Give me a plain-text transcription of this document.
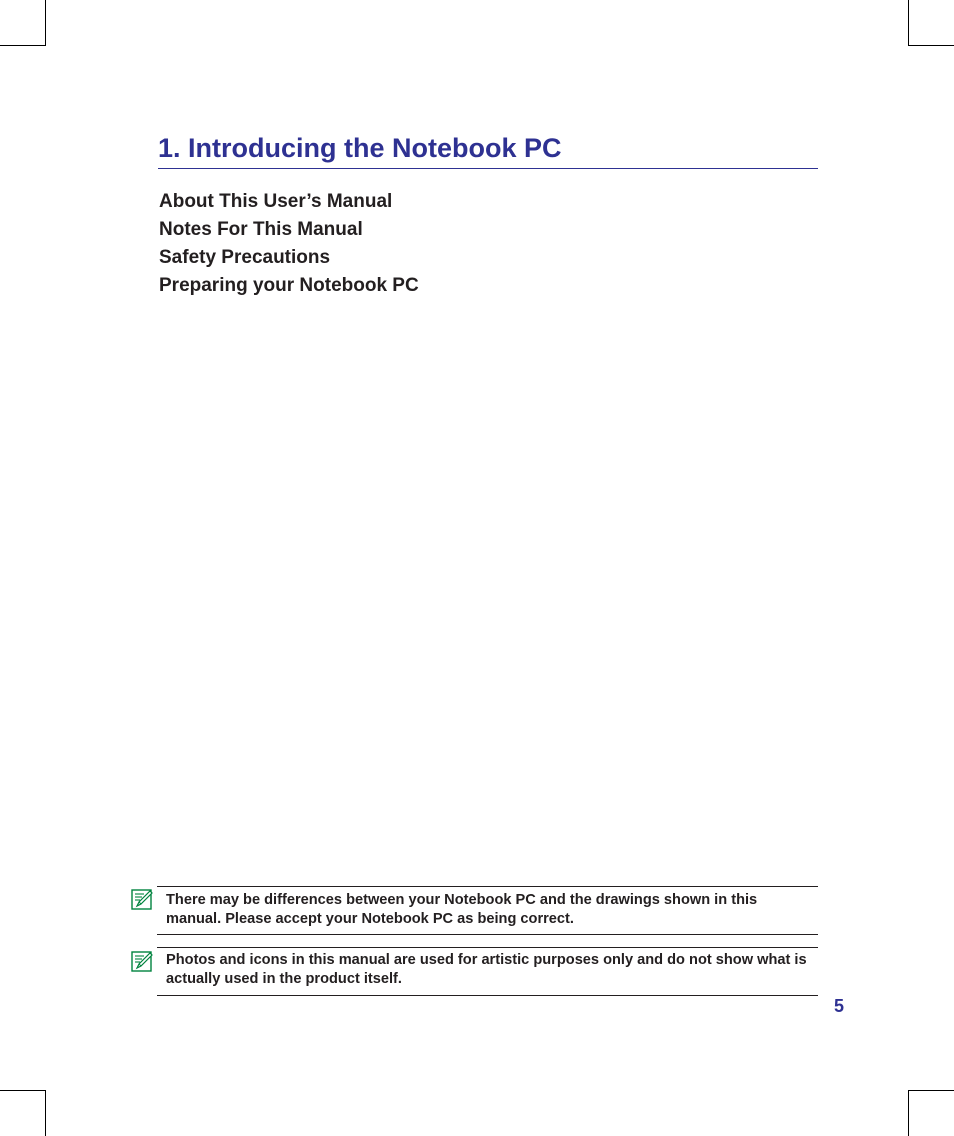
1. Introducing the Notebook PC
About This User’s Manual
Notes For This Manual
Safety Precautions
Preparing your Notebook PC
There may be differences between your Notebook PC and the drawings shown in this manual. Please accept your Notebook PC as being correct.
Photos and icons in this manual are used for artistic purposes only and do not show what is actually used in the product itself.
5
